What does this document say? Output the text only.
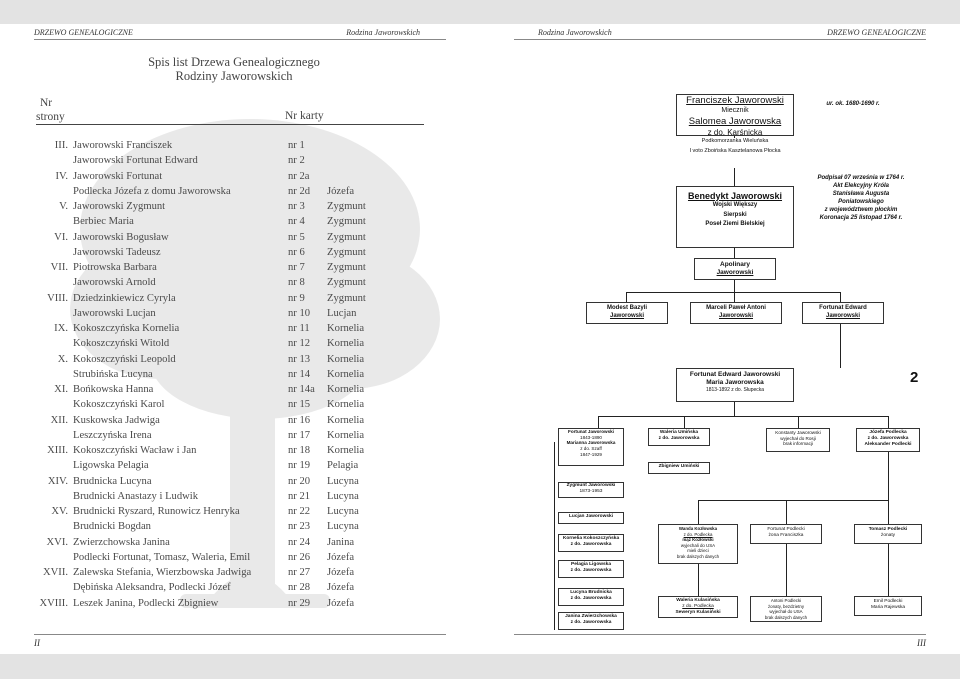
DRZEWO GENEALOGICZNE	Rodzina Jaworowskich
Spis list Drzewa Genealogicznego
Rodziny Jaworowskich
Nr
strony	Nr karty
III. Jaworowski Franciszek	nr 1
Jaworowski Fortunat Edward	nr 2
IV. Jaworowski Fortunat	nr 2a
Podlecka Józefa z domu Jaworowska	nr 2d Józefa
V. Jaworowski Zygmunt	nr 3 Zygmunt
Berbiec Maria	nr 4 Zygmunt
VI. Jaworowski Bogusław	nr 5 Zygmunt
Jaworowski Tadeusz	nr 6 Zygmunt
VII. Piotrowska Barbara	nr 7 Zygmunt
Jaworowski Arnold	nr 8 Zygmunt
VIII. Dziedzinkiewicz Cyryla	nr 9 Zygmunt
Jaworowski Lucjan	nr 10 Lucjan
IX. Kokoszczyńska Kornelia	nr 11 Kornelia
Kokoszczyński Witold	nr 12 Kornelia
X. Kokoszczyński Leopold	nr 13 Kornelia
Strubińska Lucyna	nr 14 Kornelia
XI. Bońkowska Hanna	nr 14a Kornelia
Kokoszczyński Karol	nr 15 Kornelia
XII. Kuskowska Jadwiga	nr 16 Kornelia
Leszczyńska Irena	nr 17 Kornelia
XIII. Kokoszczyński Wacław i Jan	nr 18 Kornelia
Ligowska Pelagia	nr 19 Pelagia
XIV. Brudnicka Lucyna	nr 20 Lucyna
Brudnicki Anastazy i Ludwik	nr 21 Lucyna
XV. Brudnicki Ryszard, Runowicz Henryka	nr 22 Lucyna
Brudnicki Bogdan	nr 23 Lucyna
XVI. Zwierzchowska Janina	nr 24 Janina
Podlecki Fortunat, Tomasz, Waleria, Emil	nr 26 Józefa
XVII. Zalewska Stefania, Wierzbowska Jadwiga	nr 27 Józefa
Dębińska Aleksandra, Podlecki Józef	nr 28 Józefa
XVIII. Leszek Janina, Podlecki Zbigniew	nr 29 Józefa
II
Rodzina Jaworowskich	DRZEWO GENEALOGICZNE
Franciszek Jaworowski
Miecznik
Salomea Jaworowska
z do. Karśnicka
ur. ok. 1680-1690 r.
Podkomorzanka Wieluńska
I voto Zboińska Kasztelanowa Płocka
Benedykt Jaworowski
Wojski Większy
Sierpski
Poseł Ziemi Bielskiej
Podpisał 07 września w 1764 r.
Akt Elekcyjny Króla
Stanisława Augusta
Poniatowskiego
z województwem płockim
Koronacja 25 listopad 1764 r.
Apolinary
Jaworowski
Modest Bazyli
Jaworowski
Marceli Paweł Antoni
Jaworowski
Fortunat Edward
Jaworowski
2
Fortunat Edward Jaworowski
Maria Jaworowska
1813-1892 z do. Słupecka
Fortunat Jaworowski
1843-1890
Marianna Jaworowska
z do. Szaff
1847-1929
Waleria Umińska
z do. Jaworowska
Zbigniew Umiński
Konstanty Jaworowski
wyjechał do Rosji
brak informacji
Józefa Podlecka
z do. Jaworowska
Aleksander Podlecki
Zygmunt Jaworowski
1873-1953
Lucjan Jaworowski
Kornelia Kokoszczyńska
z do. Jaworowska
Pelagia Ligowska
z do. Jaworowska
Lucyna Brudnicka
z do. Jaworowska
Janina Zwierzchowska
z do. Jaworowska
Wanda Kozłowska
z do. Podlecka
mąż Kozłowski
wyjechali do USA
mieli dzieci
brak dalszych danych
Fortunat Podlecki
żona Franciszka
Tomasz Podlecki
żonaty
Waleria Kulasińska
z do. Podlecka
Seweryn Kulasiński
Antoni Podlecki
żonaty, bezdzietny
wyjechał do USA
brak dalszych danych
Emil Podlecki
Maria Rajewska
III
